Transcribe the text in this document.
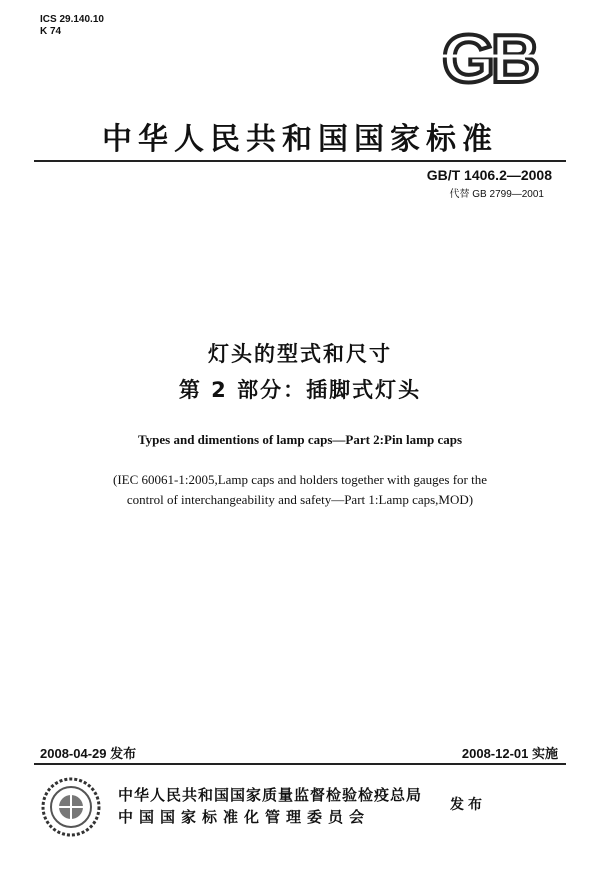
ICS 29.140.10
K 74	GB
中华人民共和国国家标准
GB/T 1406.2—2008
代替 GB 2799—2001
灯头的型式和尺寸
第 2 部分：插脚式灯头
Types and dimentions of lamp caps—Part 2:Pin lamp caps
(IEC 60061-1:2005,Lamp caps and holders together with gauges for the
control of interchangeability and safety—Part 1:Lamp caps,MOD)
2008-04-29 发布	2008-12-01 实施
中华人民共和国国家质量监督检验检疫总局
中国国家标准化管理委员会
发布
